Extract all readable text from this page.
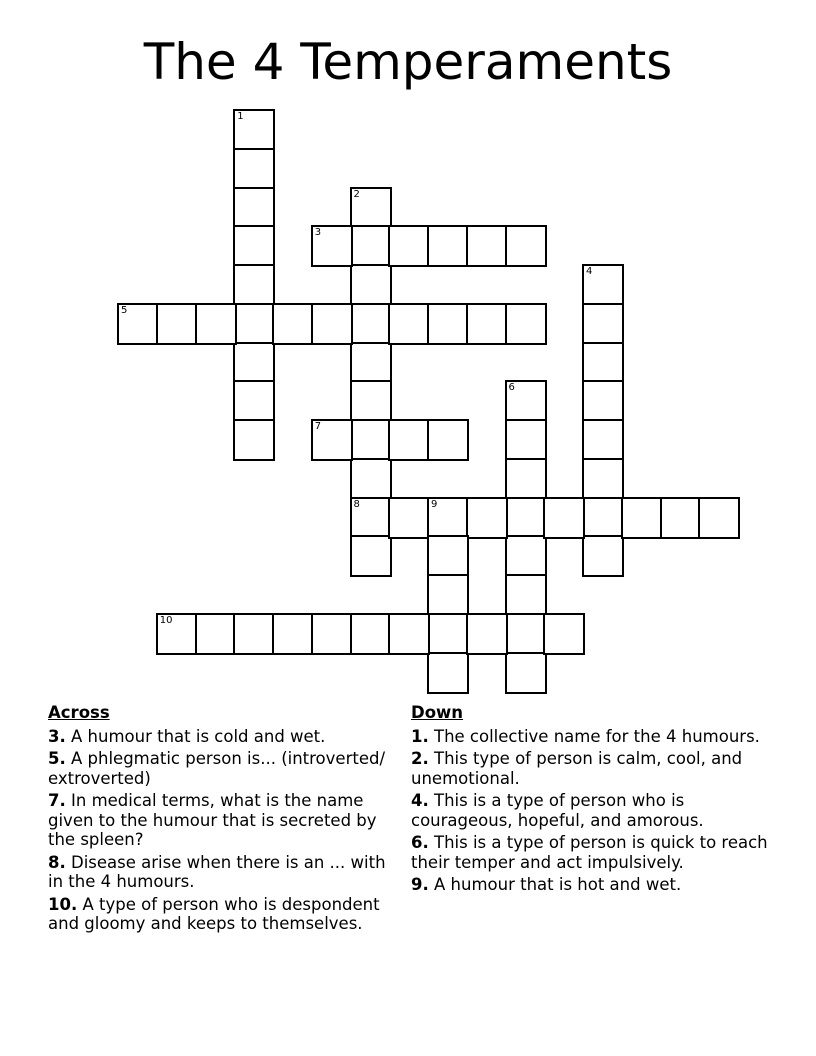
The 4 Temperaments
1
2
8
3
4
5
6
7
9
10
Across
3. A humour that is cold and wet.
5. A phlegmatic person is... (introverted/ extroverted)
7. In medical terms, what is the name given to the humour that is secreted by the spleen?
8. Disease arise when there is an ... with in the 4 humours.
10. A type of person who is despondent and gloomy and keeps to themselves.
Down
1. The collective name for the 4 humours.
2. This type of person is calm, cool, and unemotional.
4. This is a type of person who is courageous, hopeful, and amorous.
6. This is a type of person is quick to reach their temper and act impulsively.
9. A humour that is hot and wet.
